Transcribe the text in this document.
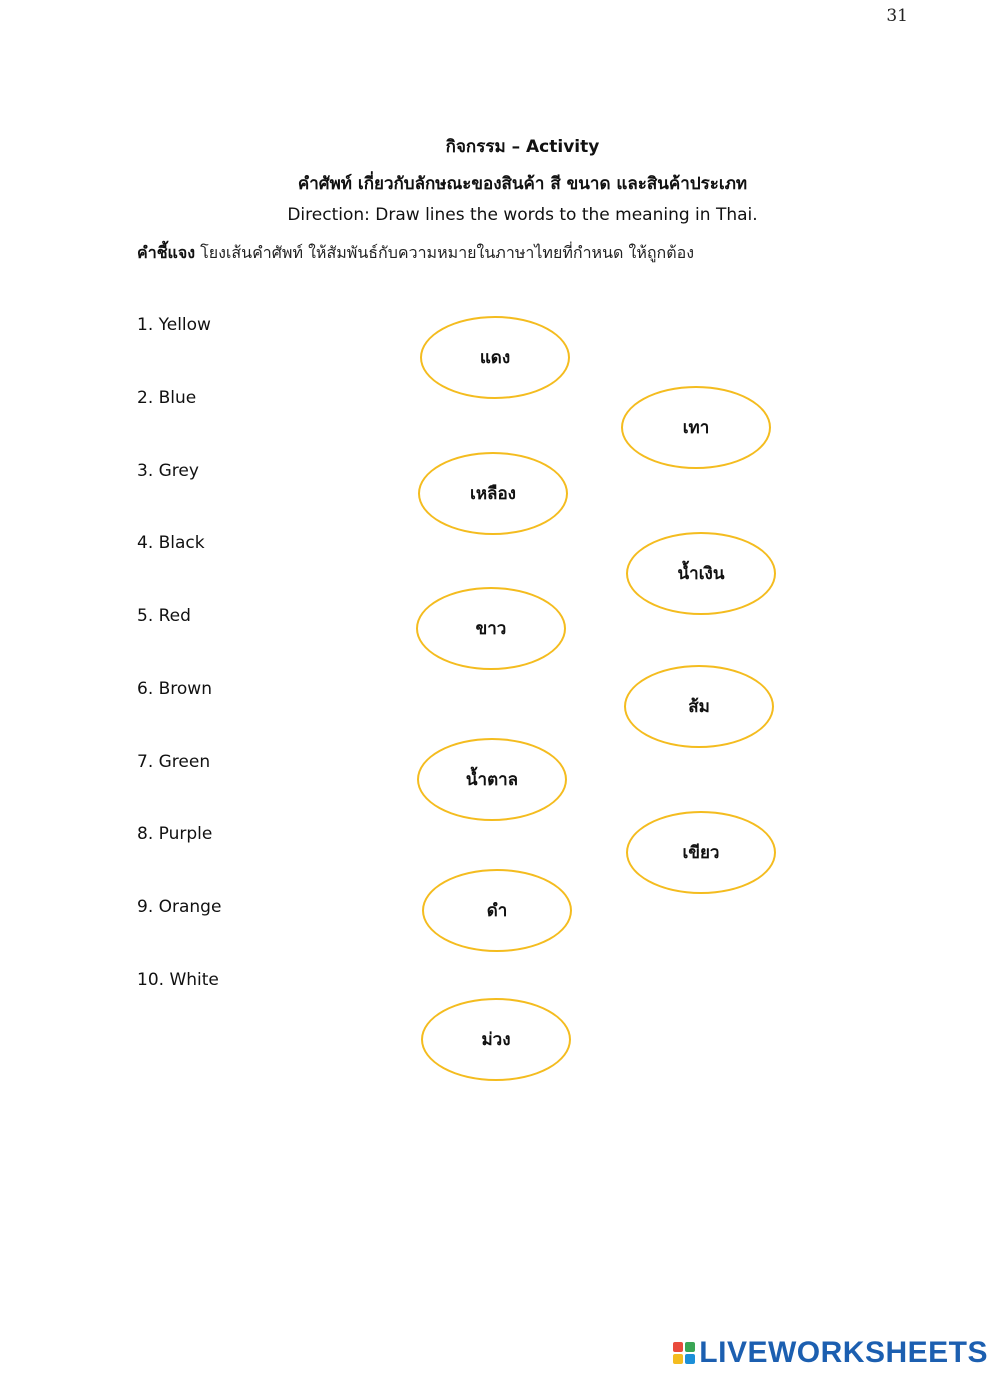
31
กิจกรรม – Activity
คำศัพท์ เกี่ยวกับลักษณะของสินค้า สี ขนาด และสินค้าประเภท
Direction: Draw lines the words to the meaning in Thai.
คำชี้แจง โยงเส้นคำศัพท์ ให้สัมพันธ์กับความหมายในภาษาไทยที่กำหนด ให้ถูกต้อง
1. Yellow
2. Blue
3. Grey
4. Black
5. Red
6. Brown
7. Green
8. Purple
9. Orange
10. White
แดง
เทา
เหลือง
น้ำเงิน
ขาว
ส้ม
น้ำตาล
เขียว
ดำ
ม่วง
LIVEWORKSHEETS
